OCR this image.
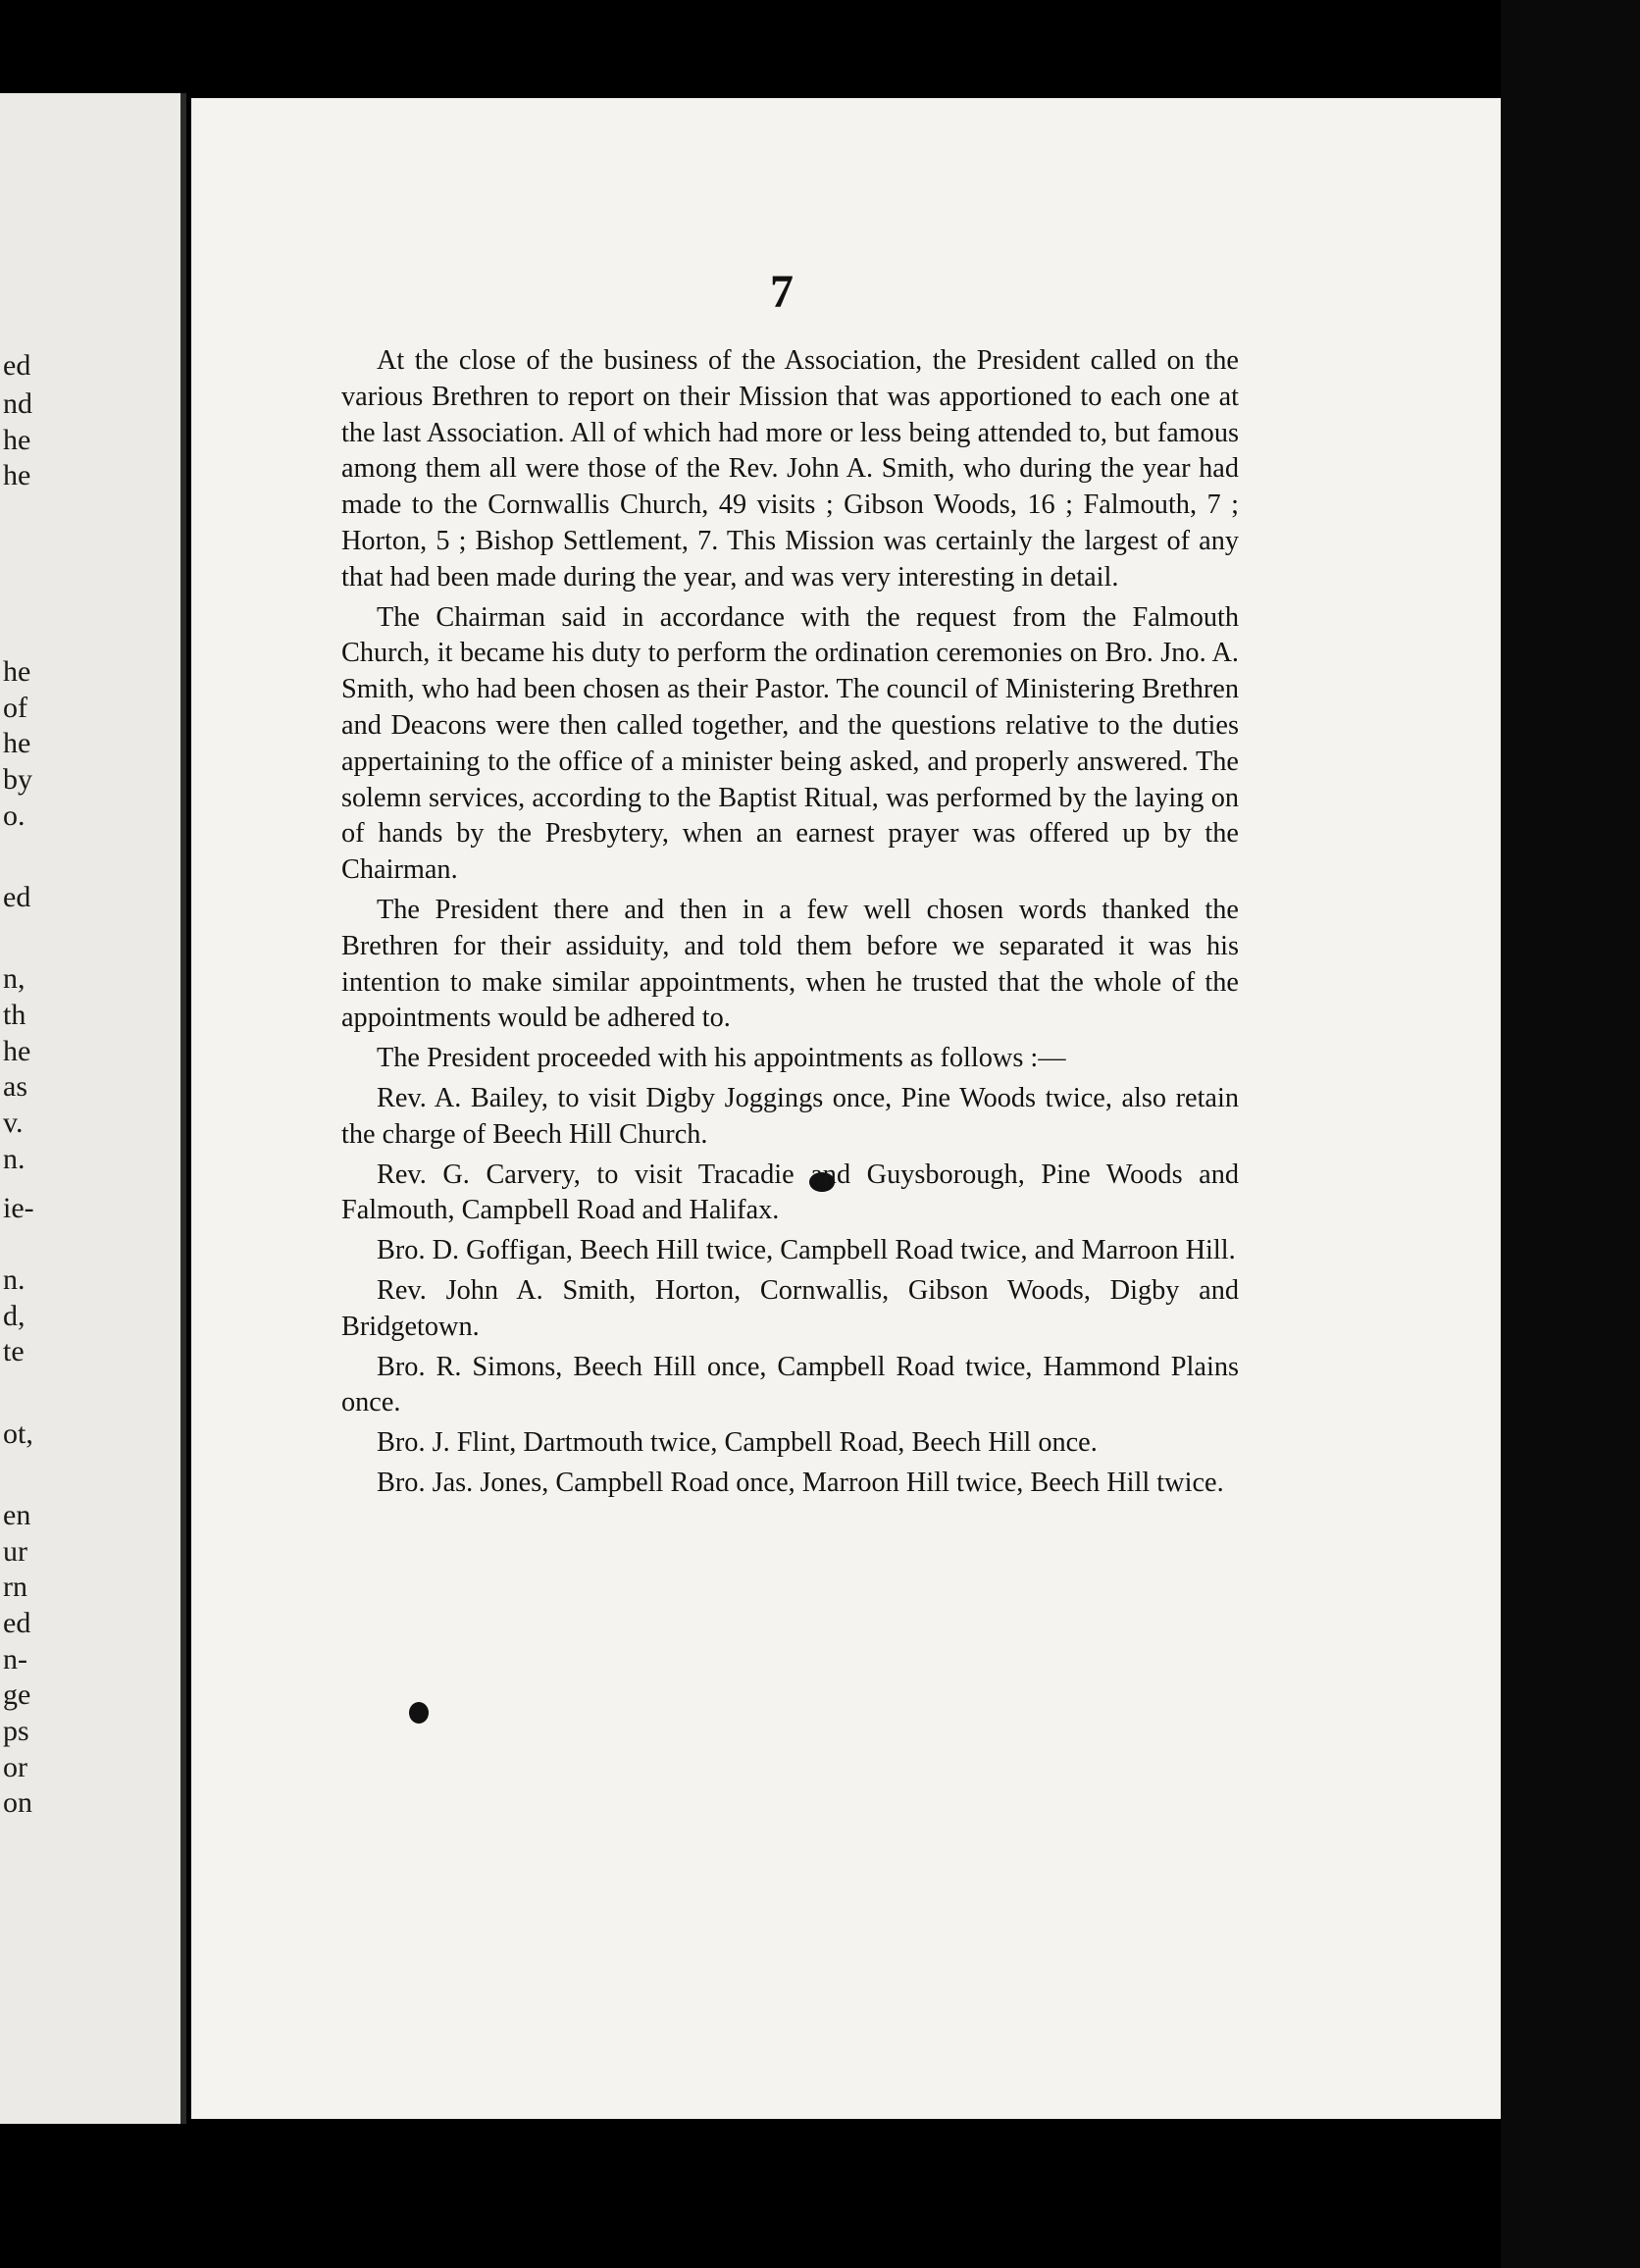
ed
nd
he
he
he
of
he
by
o.
ed
n,
th
he
as
v.
n.
ie-
n.
d,
te
ot,
en
ur
rn
ed
n-
ge
ps
or
on
7

At the close of the business of the Association, the President called on the various Brethren to report on their Mission that was apportioned to each one at the last Association. All of which had more or less being attended to, but famous among them all were those of the Rev. John A. Smith, who during the year had made to the Cornwallis Church, 49 visits ; Gibson Woods, 16 ; Falmouth, 7 ; Horton, 5 ; Bishop Settlement, 7. This Mission was certainly the largest of any that had been made during the year, and was very interesting in detail.

The Chairman said in accordance with the request from the Falmouth Church, it became his duty to perform the ordination ceremonies on Bro. Jno. A. Smith, who had been chosen as their Pastor. The council of Ministering Brethren and Deacons were then called together, and the questions relative to the duties appertaining to the office of a minister being asked, and properly answered. The solemn services, according to the Baptist Ritual, was performed by the laying on of hands by the Presbytery, when an earnest prayer was offered up by the Chairman.

The President there and then in a few well chosen words thanked the Brethren for their assiduity, and told them before we separated it was his intention to make similar appointments, when he trusted that the whole of the appointments would be adhered to.

The President proceeded with his appointments as follows :—

Rev. A. Bailey, to visit Digby Joggings once, Pine Woods twice, also retain the charge of Beech Hill Church.

Rev. G. Carvery, to visit Tracadie and Guysborough, Pine Woods and Falmouth, Campbell Road and Halifax.

Bro. D. Goffigan, Beech Hill twice, Campbell Road twice, and Marroon Hill.

Rev. John A. Smith, Horton, Cornwallis, Gibson Woods, Digby and Bridgetown.

Bro. R. Simons, Beech Hill once, Campbell Road twice, Hammond Plains once.

Bro. J. Flint, Dartmouth twice, Campbell Road, Beech Hill once.

Bro. Jas. Jones, Campbell Road once, Marroon Hill twice, Beech Hill twice.
